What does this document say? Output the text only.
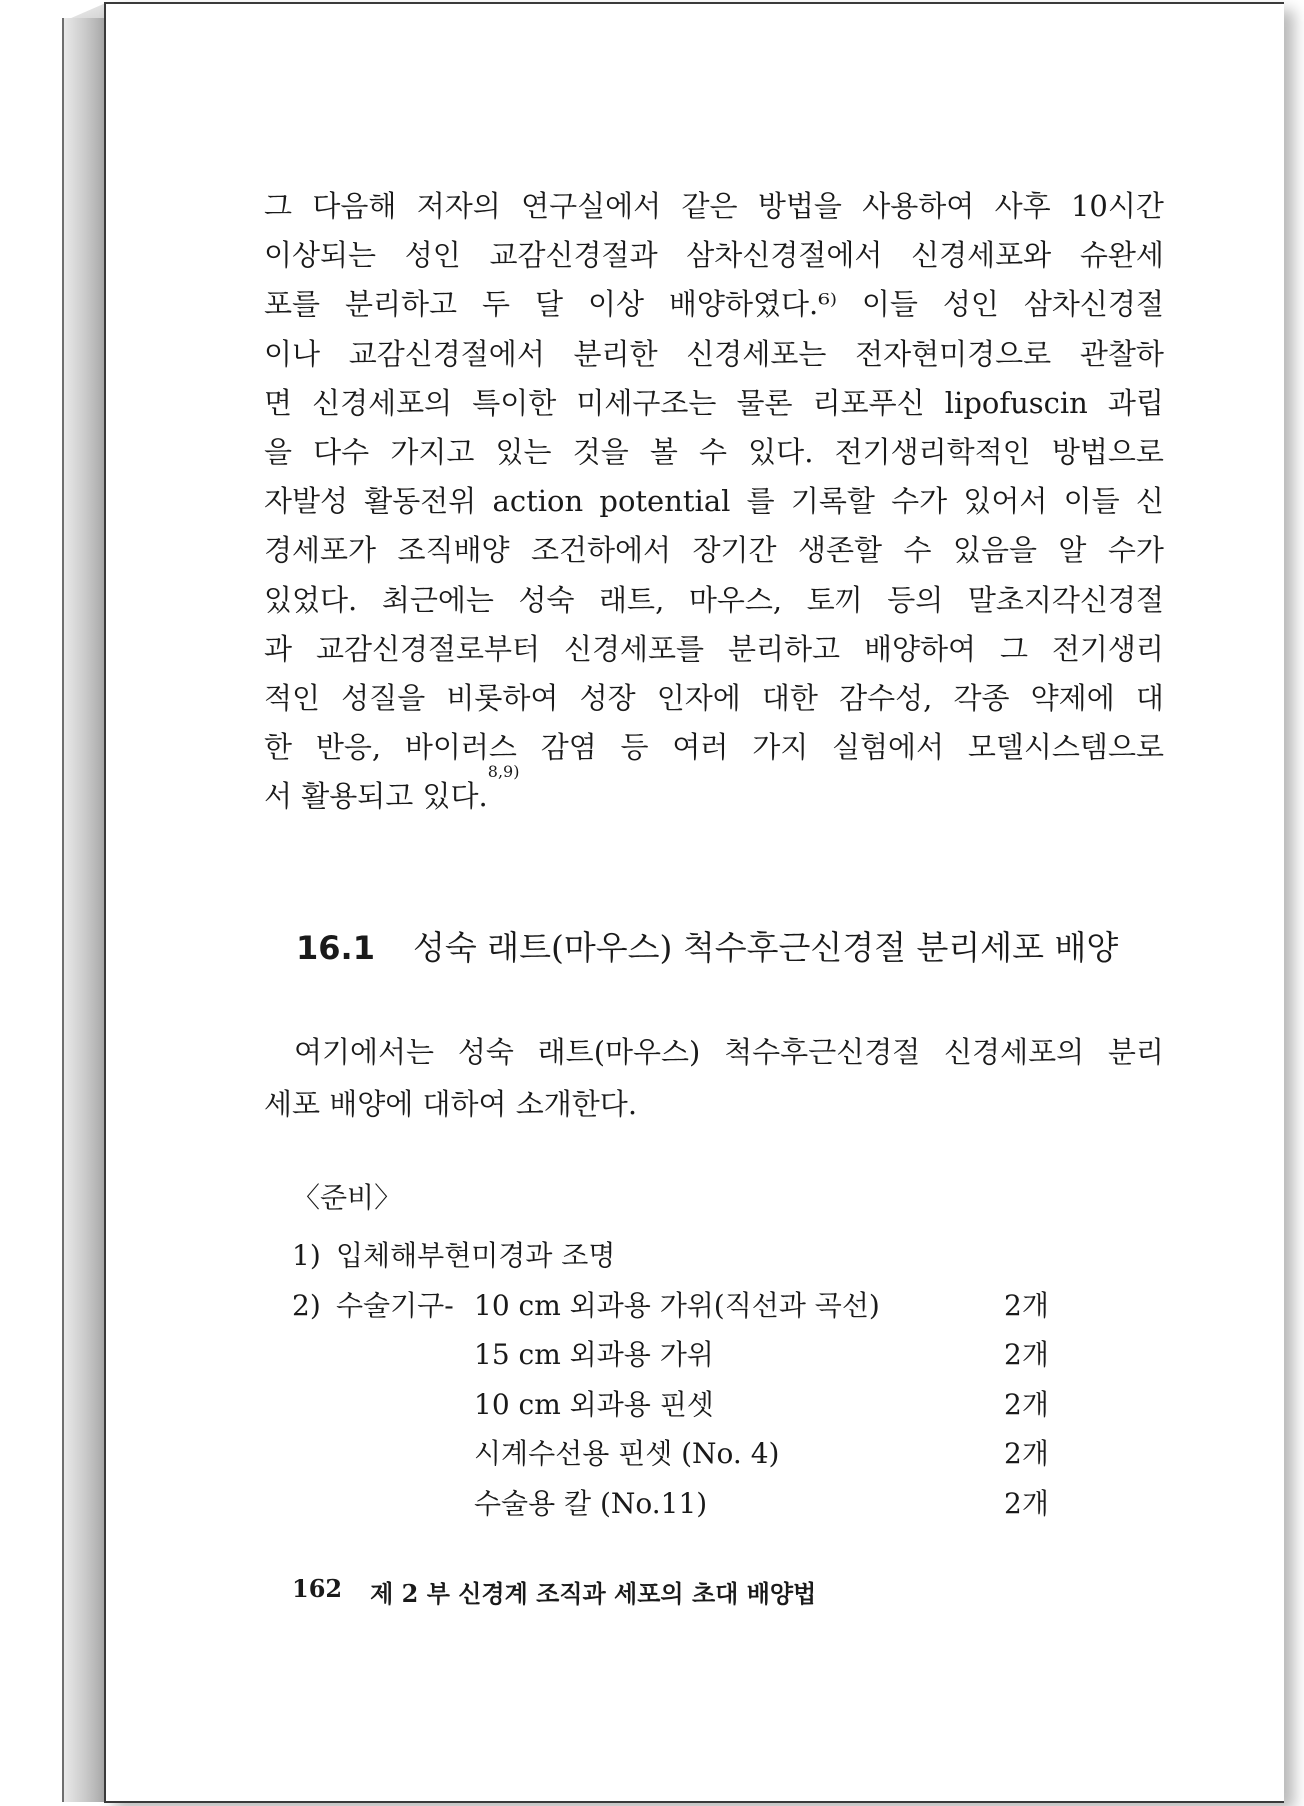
그 다음해 저자의 연구실에서 같은 방법을 사용하여 사후 10시간
이상되는 성인 교감신경절과 삼차신경절에서 신경세포와 슈완세
포를 분리하고 두 달 이상 배양하였다.⁶⁾ 이들 성인 삼차신경절
이나 교감신경절에서 분리한 신경세포는 전자현미경으로 관찰하
면 신경세포의 특이한 미세구조는 물론 리포푸신 lipofuscin 과립
을 다수 가지고 있는 것을 볼 수 있다. 전기생리학적인 방법으로
자발성 활동전위 action potential 를 기록할 수가 있어서 이들 신
경세포가 조직배양 조건하에서 장기간 생존할 수 있음을 알 수가
있었다. 최근에는 성숙 래트, 마우스, 토끼 등의 말초지각신경절
과 교감신경절로부터 신경세포를 분리하고 배양하여 그 전기생리
적인 성질을 비롯하여 성장 인자에 대한 감수성, 각종 약제에 대
한 반응, 바이러스 감염 등 여러 가지 실험에서 모델시스템으로
서 활용되고 있다.
8,9)
16.1 성숙 래트(마우스) 척수후근신경절 분리세포 배양
여기에서는 성숙 래트(마우스) 척수후근신경절 신경세포의 분리
세포 배양에 대하여 소개한다.
〈준비〉
1) 입체해부현미경과 조명
2) 수술기구- 10 cm 외과용 가위(직선과 곡선)	2개
15 cm 외과용 가위	2개
10 cm 외과용 핀셋	2개
시계수선용 핀셋 (No. 4)	2개
수술용 칼 (No.11)	2개
162 제 2 부 신경계 조직과 세포의 초대 배양법
